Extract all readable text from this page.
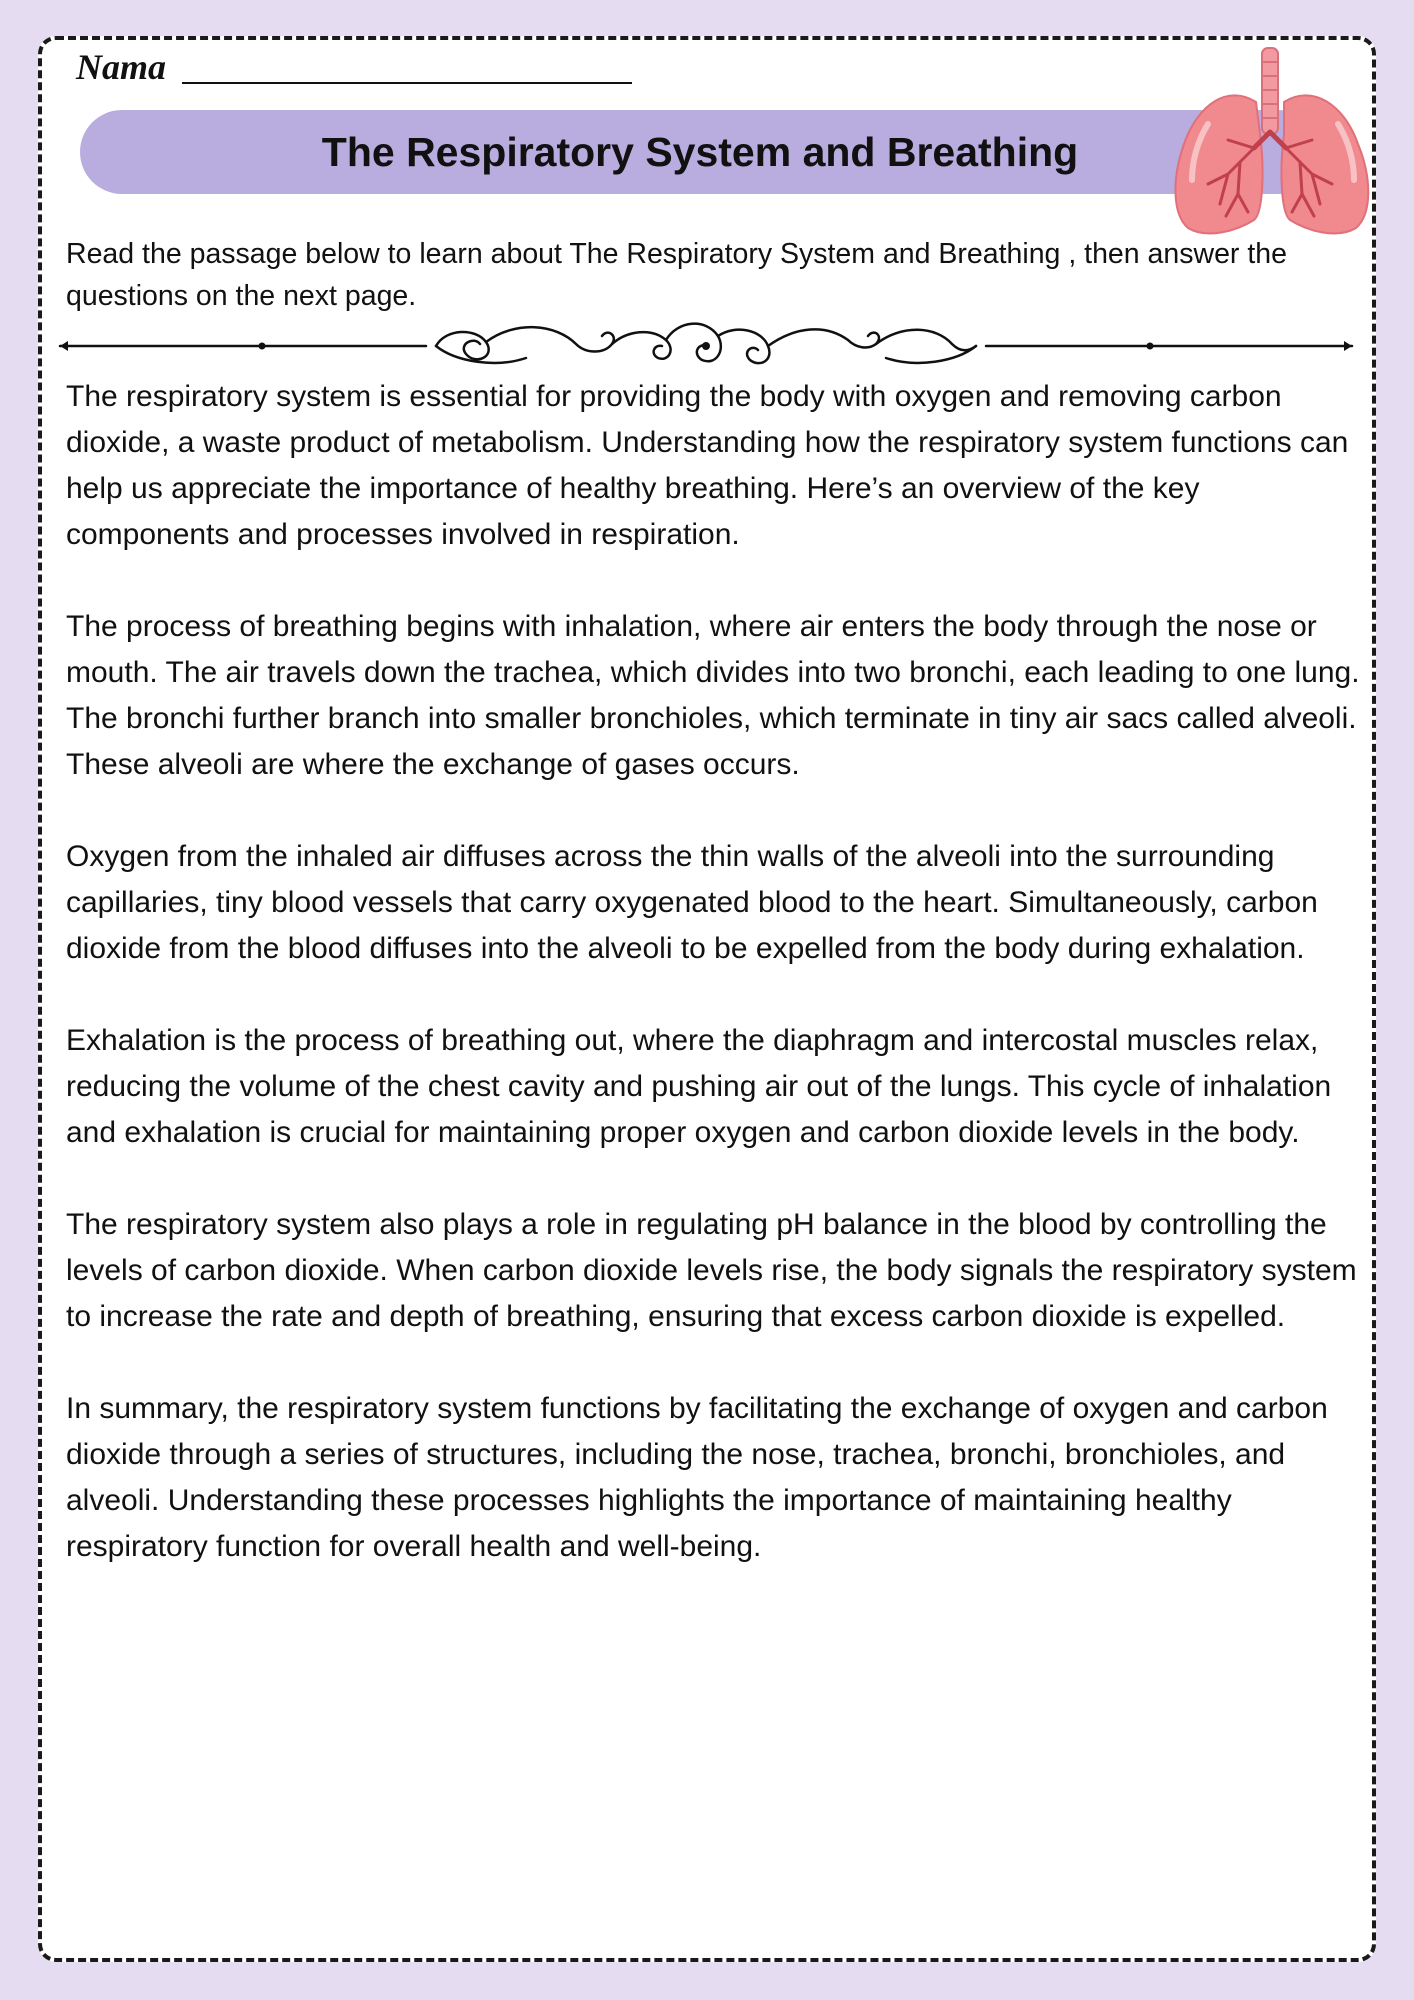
Nama
The Respiratory System and Breathing
Read the passage below to learn about The Respiratory System and Breathing , then answer the questions on the next page.

The respiratory system is essential for providing the body with oxygen and removing carbon dioxide, a waste product of metabolism. Understanding how the respiratory system functions can help us appreciate the importance of healthy breathing. Here’s an overview of the key components and processes involved in respiration.

The process of breathing begins with inhalation, where air enters the body through the nose or mouth. The air travels down the trachea, which divides into two bronchi, each leading to one lung. The bronchi further branch into smaller bronchioles, which terminate in tiny air sacs called alveoli. These alveoli are where the exchange of gases occurs.

Oxygen from the inhaled air diffuses across the thin walls of the alveoli into the surrounding capillaries, tiny blood vessels that carry oxygenated blood to the heart. Simultaneously, carbon dioxide from the blood diffuses into the alveoli to be expelled from the body during exhalation.

Exhalation is the process of breathing out, where the diaphragm and intercostal muscles relax, reducing the volume of the chest cavity and pushing air out of the lungs. This cycle of inhalation and exhalation is crucial for maintaining proper oxygen and carbon dioxide levels in the body.

The respiratory system also plays a role in regulating pH balance in the blood by controlling the levels of carbon dioxide. When carbon dioxide levels rise, the body signals the respiratory system to increase the rate and depth of breathing, ensuring that excess carbon dioxide is expelled.

In summary, the respiratory system functions by facilitating the exchange of oxygen and carbon dioxide through a series of structures, including the nose, trachea, bronchi, bronchioles, and alveoli. Understanding these processes highlights the importance of maintaining healthy respiratory function for overall health and well-being.
